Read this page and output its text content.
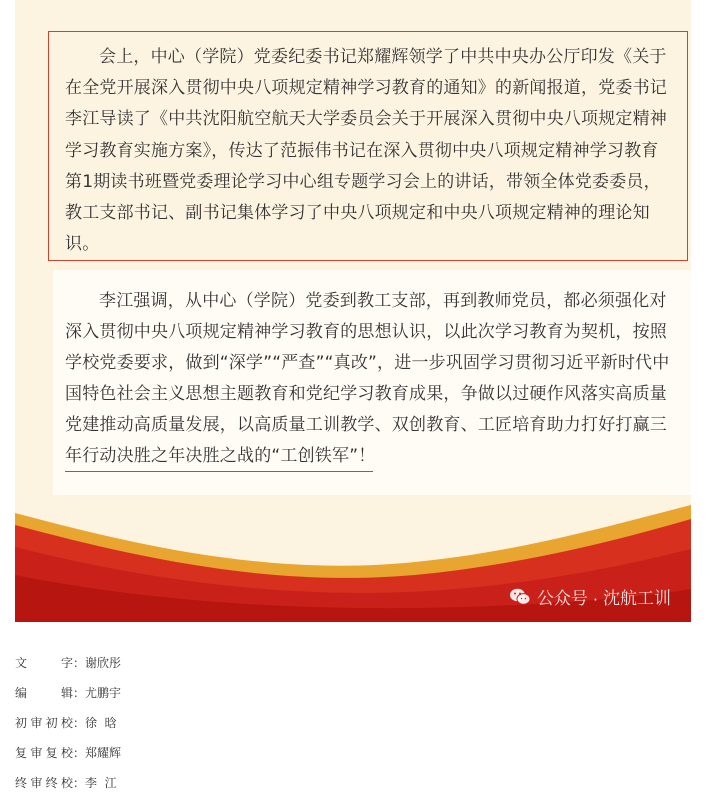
会上，中心（学院）党委纪委书记郑耀辉领学了中共中央办公厅印发《关于在全党开展深入贯彻中央八项规定精神学习教育的通知》的新闻报道，党委书记李江导读了《中共沈阳航空航天大学委员会关于开展深入贯彻中央八项规定精神学习教育实施方案》，传达了范振伟书记在深入贯彻中央八项规定精神学习教育第1期读书班暨党委理论学习中心组专题学习会上的讲话，带领全体党委委员，教工支部书记、副书记集体学习了中央八项规定和中央八项规定精神的理论知识。

李江强调，从中心（学院）党委到教工支部，再到教师党员，都必须强化对深入贯彻中央八项规定精神学习教育的思想认识，以此次学习教育为契机，按照学校党委要求，做到“深学”“严查”“真改”，进一步巩固学习贯彻习近平新时代中国特色社会主义思想主题教育和党纪学习教育成果，争做以过硬作风落实高质量党建推动高质量发展，以高质量工训教学、双创教育、工匠培育助力打好打赢三年行动决胜之年决胜之战的“工创铁军”！

公众号 · 沈航工训
文字 ： 谢欣彤
编辑 ： 尤鹏宇
初审初校 ： 徐  晗
复审复校 ： 郑耀辉
终审终校 ： 李  江
